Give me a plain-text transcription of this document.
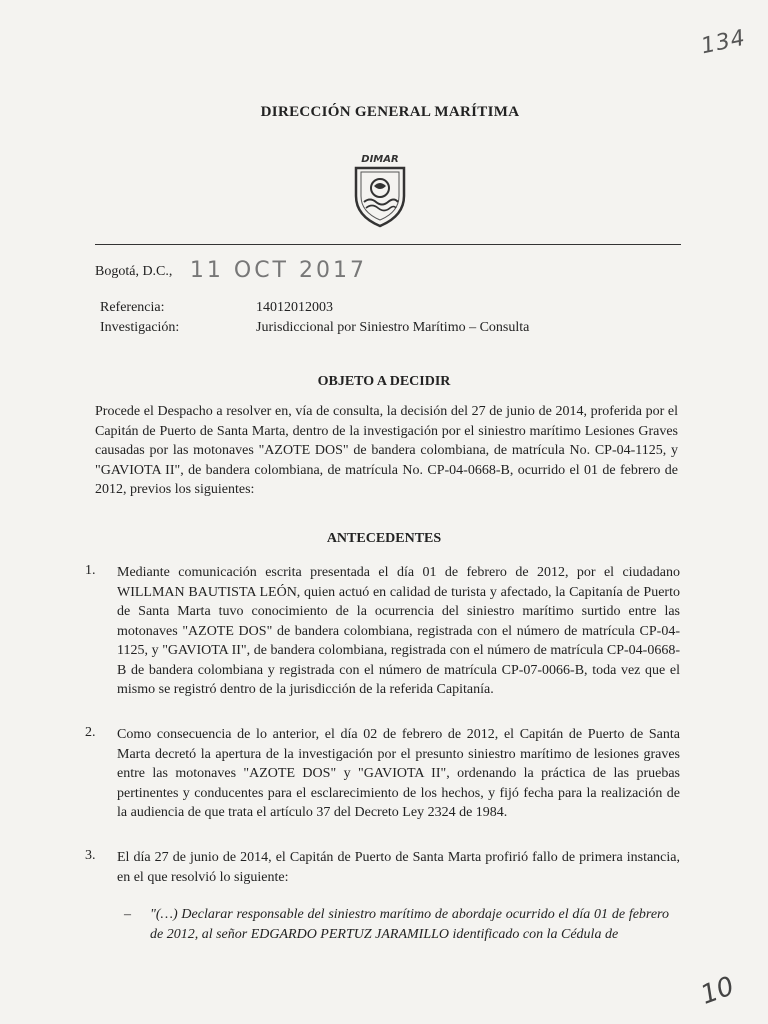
134
DIRECCIÓN GENERAL MARÍTIMA
DIMAR
Bogotá, D.C., 11 OCT 2017
Referencia:	14012012003
Investigación:	Jurisdiccional por Siniestro Marítimo – Consulta
OBJETO A DECIDIR
Procede el Despacho a resolver en, vía de consulta, la decisión del 27 de junio de 2014, proferida por el Capitán de Puerto de Santa Marta, dentro de la investigación por el siniestro marítimo Lesiones Graves causadas por las motonaves "AZOTE DOS" de bandera colombiana, de matrícula No. CP-04-1125, y "GAVIOTA II", de bandera colombiana, de matrícula No. CP-04-0668-B, ocurrido el 01 de febrero de 2012, previos los siguientes:
ANTECEDENTES
1. Mediante comunicación escrita presentada el día 01 de febrero de 2012, por el ciudadano WILLMAN BAUTISTA LEÓN, quien actuó en calidad de turista y afectado, la Capitanía de Puerto de Santa Marta tuvo conocimiento de la ocurrencia del siniestro marítimo surtido entre las motonaves "AZOTE DOS" de bandera colombiana, registrada con el número de matrícula CP-04-1125, y "GAVIOTA II", de bandera colombiana, registrada con el número de matrícula CP-04-0668-B de bandera colombiana y registrada con el número de matrícula CP-07-0066-B, toda vez que el mismo se registró dentro de la jurisdicción de la referida Capitanía.
2. Como consecuencia de lo anterior, el día 02 de febrero de 2012, el Capitán de Puerto de Santa Marta decretó la apertura de la investigación por el presunto siniestro marítimo de lesiones graves entre las motonaves "AZOTE DOS" y "GAVIOTA II", ordenando la práctica de las pruebas pertinentes y conducentes para el esclarecimiento de los hechos, y fijó fecha para la realización de la audiencia de que trata el artículo 37 del Decreto Ley 2324 de 1984.
3. El día 27 de junio de 2014, el Capitán de Puerto de Santa Marta profirió fallo de primera instancia, en el que resolvió lo siguiente:
– "(…) Declarar responsable del siniestro marítimo de abordaje ocurrido el día 01 de febrero de 2012, al señor EDGARDO PERTUZ JARAMILLO identificado con la Cédula de
10
